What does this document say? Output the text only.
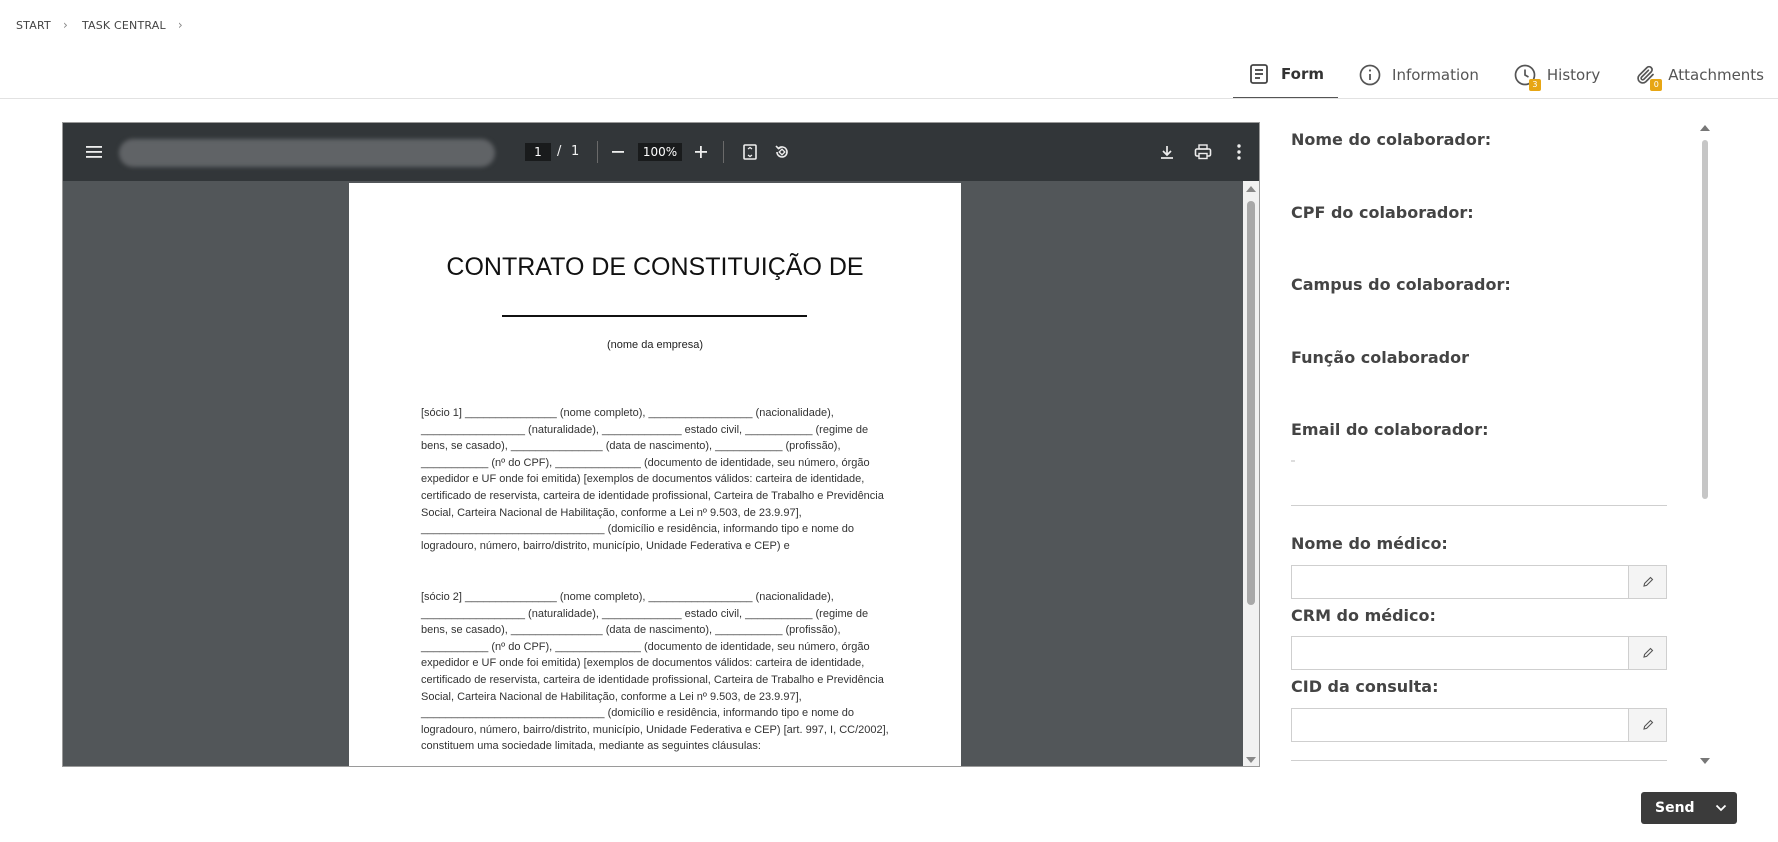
START › TASK CENTRAL ›
Form	Information
3
History
0
Attachments
1	/ 1	100%
CONTRATO DE CONSTITUIÇÃO DE
(nome da empresa)
[sócio 1] _______________ (nome completo), _________________ (nacionalidade), _________________ (naturalidade), _____________ estado civil, ___________ (regime de bens, se casado), _______________ (data de nascimento), ___________ (profissão), ___________ (nº do CPF), ______________ (documento de identidade, seu número, órgão expedidor e UF onde foi emitida) [exemplos de documentos válidos: carteira de identidade, certificado de reservista, carteira de identidade profissional, Carteira de Trabalho e Previdência Social, Carteira Nacional de Habilitação, conforme a Lei nº 9.503, de 23.9.97], ______________________________ (domicílio e residência, informando tipo e nome do logradouro, número, bairro/distrito, município, Unidade Federativa e CEP) e
[sócio 2] _______________ (nome completo), _________________ (nacionalidade), _________________ (naturalidade), _____________ estado civil, ___________ (regime de bens, se casado), _______________ (data de nascimento), ___________ (profissão), ___________ (nº do CPF), ______________ (documento de identidade, seu número, órgão expedidor e UF onde foi emitida) [exemplos de documentos válidos: carteira de identidade, certificado de reservista, carteira de identidade profissional, Carteira de Trabalho e Previdência Social, Carteira Nacional de Habilitação, conforme a Lei nº 9.503, de 23.9.97], ______________________________ (domicílio e residência, informando tipo e nome do logradouro, número, bairro/distrito, município, Unidade Federativa e CEP) [art. 997, I, CC/2002], constituem uma sociedade limitada, mediante as seguintes cláusulas:
Nome do colaborador:
CPF do colaborador:
Campus do colaborador:
Função colaborador
Email do colaborador:
Nome do médico:
CRM do médico:
CID da consulta:
Send
